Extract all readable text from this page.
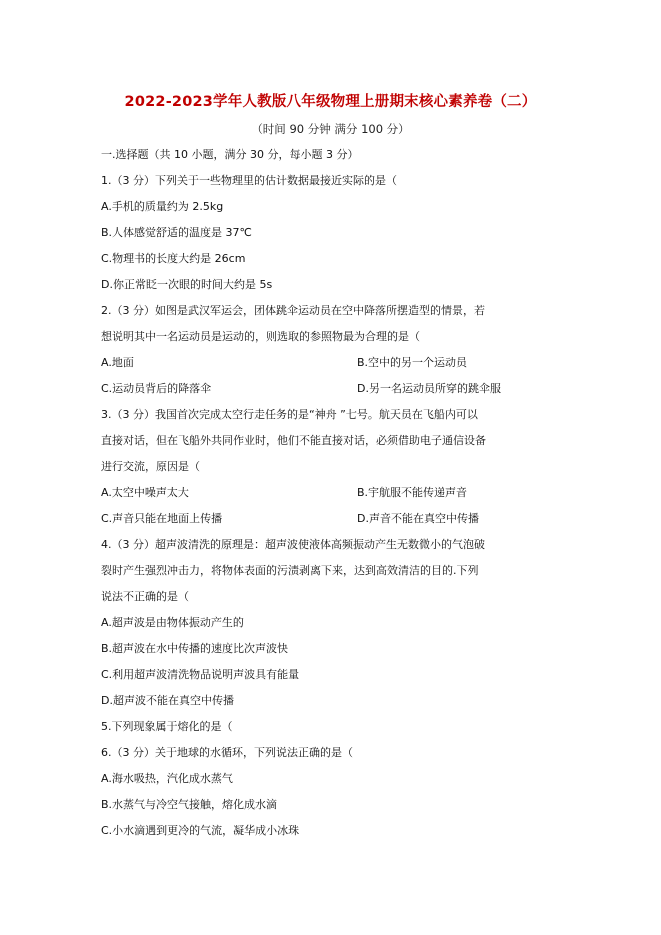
2022-2023学年人教版八年级物理上册期末核心素养卷（二）
（时间 90 分钟 满分 100 分）
一.选择题（共 10 小题，满分 30 分，每小题 3 分）
1.（3 分）下列关于一些物理里的估计数据最接近实际的是（
A.手机的质量约为 2.5kg
B.人体感觉舒适的温度是 37℃
C.物理书的长度大约是 26cm
D.你正常眨一次眼的时间大约是 5s
2.（3 分）如图是武汉军运会，团体跳伞运动员在空中降落所摆造型的情景，若
想说明其中一名运动员是运动的，则选取的参照物最为合理的是（
A.地面	B.空中的另一个运动员
C.运动员背后的降落伞	D.另一名运动员所穿的跳伞服
3.（3 分）我国首次完成太空行走任务的是“神舟 ”七号。航天员在飞船内可以
直接对话，但在飞船外共同作业时，他们不能直接对话，必须借助电子通信设备
进行交流，原因是（
A.太空中噪声太大	B.宇航服不能传递声音
C.声音只能在地面上传播	D.声音不能在真空中传播
4.（3 分）超声波清洗的原理是：超声波使液体高频振动产生无数微小的气泡破
裂时产生强烈冲击力，将物体表面的污渍剥离下来，达到高效清洁的目的.下列
说法不正确的是（
A.超声波是由物体振动产生的
B.超声波在水中传播的速度比次声波快
C.利用超声波清洗物品说明声波具有能量
D.超声波不能在真空中传播
5.下列现象属于熔化的是（
6.（3 分）关于地球的水循环，下列说法正确的是（
A.海水吸热，汽化成水蒸气
B.水蒸气与冷空气接触，熔化成水滴
C.小水滴遇到更冷的气流，凝华成小冰珠
